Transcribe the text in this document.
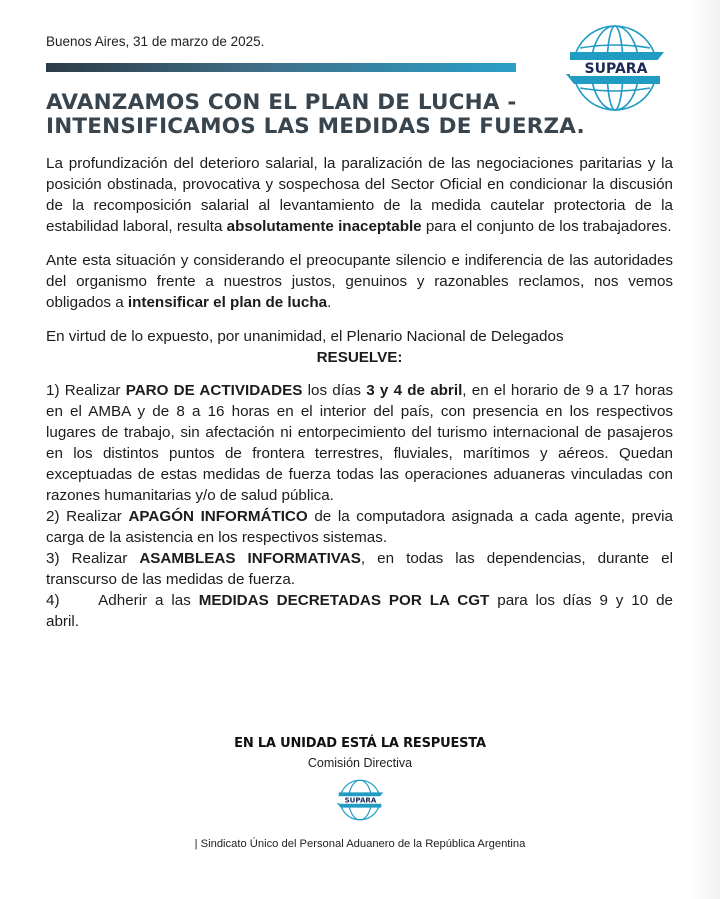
Buenos Aires, 31 de marzo de 2025.
SUPARA
AVANZAMOS CON EL PLAN DE LUCHA -
INTENSIFICAMOS LAS MEDIDAS DE FUERZA.

La profundización del deterioro salarial, la paralización de las negociaciones paritarias y la posición obstinada, provocativa y sospechosa del Sector Oficial en condicionar la discusión de la recomposición salarial al levantamiento de la medida cautelar protectoria de la estabilidad laboral, resulta absolutamente inaceptable para el conjunto de los trabajadores.

Ante esta situación y considerando el preocupante silencio e indiferencia de las autoridades del organismo frente a nuestros justos, genuinos y razonables reclamos, nos vemos obligados a intensificar el plan de lucha.

En virtud de lo expuesto, por unanimidad, el Plenario Nacional de Delegados

RESUELVE:

1) Realizar PARO DE ACTIVIDADES los días 3 y 4 de abril, en el horario de 9 a 17 horas en el AMBA y de 8 a 16 horas en el interior del país, con presencia en los respectivos lugares de trabajo, sin afectación ni entorpecimiento del turismo internacional de pasajeros en los distintos puntos de frontera terrestres, fluviales, marítimos y aéreos. Quedan exceptuadas de estas medidas de fuerza todas las operaciones aduaneras vinculadas con razones humanitarias y/o de salud pública.

2) Realizar APAGÓN INFORMÁTICO de la computadora asignada a cada agente, previa carga de la asistencia en los respectivos sistemas.

3) Realizar ASAMBLEAS INFORMATIVAS, en todas las dependencias, durante el transcurso de las medidas de fuerza.

4)     Adherir a las MEDIDAS DECRETADAS POR LA CGT para los días 9 y 10 de abril.

EN LA UNIDAD ESTÁ LA RESPUESTA
Comisión Directiva
SUPARA
| Sindicato Único del Personal Aduanero de la República Argentina
